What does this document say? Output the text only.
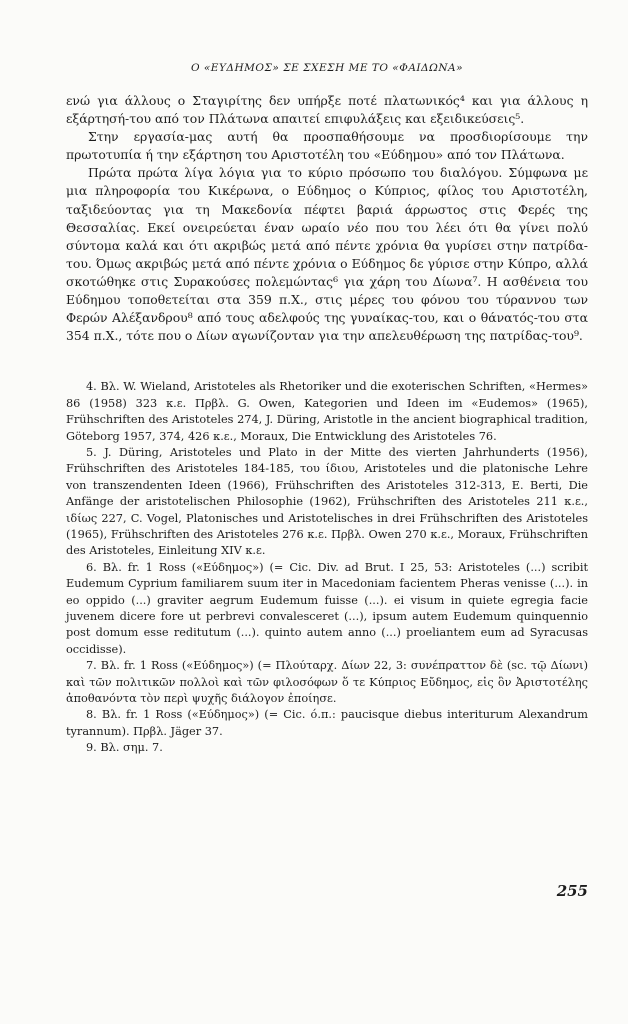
Ο «ΕΥΔΗΜΟΣ» ΣΕ ΣΧΕΣΗ ΜΕ ΤΟ «ΦΑΙΔΩΝΑ»

ενώ για άλλους ο Σταγιρίτης δεν υπήρξε ποτέ πλατωνικός⁴ και για άλλους η εξάρτησή-του από τον Πλάτωνα απαιτεί επιφυλάξεις και εξειδικεύσεις⁵.

Στην εργασία-μας αυτή θα προσπαθήσουμε να προσδιορίσουμε την πρωτοτυπία ή την εξάρτηση του Αριστοτέλη του «Εύδημου» από τον Πλάτωνα.

Πρώτα πρώτα λίγα λόγια για το κύριο πρόσωπο του διαλόγου. Σύμφωνα με μια πληροφορία του Κικέρωνα, ο Εύδημος ο Κύπριος, φίλος του Αριστοτέλη, ταξιδεύοντας για τη Μακεδονία πέφτει βαριά άρρωστος στις Φερές της Θεσσαλίας. Εκεί ονειρεύεται έναν ωραίο νέο που του λέει ότι θα γίνει πολύ σύντομα καλά και ότι ακριβώς μετά από πέντε χρόνια θα γυρίσει στην πατρίδα-του. Όμως ακριβώς μετά από πέντε χρόνια ο Εύδημος δε γύρισε στην Κύπρο, αλλά σκοτώθηκε στις Συρακούσες πολεμώντας⁶ για χάρη του Δίωνα⁷. Η ασθένεια του Εύδημου τοποθετείται στα 359 π.Χ., στις μέρες του φόνου του τύραννου των Φερών Αλέξανδρου⁸ από τους αδελφούς της γυναίκας-του, και ο θάνατός-του στα 354 π.Χ., τότε που ο Δίων αγωνίζονταν για την απελευθέρωση της πατρίδας-του⁹.

4. Βλ. W. Wieland, Aristoteles als Rhetoriker und die exoterischen Schriften, «Hermes» 86 (1958) 323 κ.ε. Πρβλ. G. Owen, Kategorien und Ideen im «Eudemos» (1965), Frühschriften des Aristoteles 274, J. Düring, Aristotle in the ancient biographical tradition, Göteborg 1957, 374, 426 κ.ε., Moraux, Die Entwicklung des Aristoteles 76.

5. J. Düring, Aristoteles und Plato in der Mitte des vierten Jahrhunderts (1956), Frühschriften des Aristoteles 184-185, του ίδιου, Aristoteles und die platonische Lehre von transzendenten Ideen (1966), Frühschriften des Aristoteles 312-313, E. Berti, Die Anfänge der aristotelischen Philosophie (1962), Frühschriften des Aristoteles 211 κ.ε., ιδίως 227, C. Vogel, Platonisches und Aristotelisches in drei Frühschriften des Aristoteles (1965), Frühschriften des Aristoteles 276 κ.ε. Πρβλ. Owen 270 κ.ε., Moraux, Frühschriften des Aristoteles, Einleitung XIV κ.ε.

6. Βλ. fr. 1 Ross («Εύδημος») (= Cic. Div. ad Brut. I 25, 53: Aristoteles (...) scribit Eudemum Cyprium familiarem suum iter in Macedoniam facientem Pheras venisse (...). in eo oppido (...) graviter aegrum Eudemum fuisse (...). ei visum in quiete egregia facie juvenem dicere fore ut perbrevi convalesceret (...), ipsum autem Eudemum quinquennio post domum esse reditutum (...). quinto autem anno (...) proeliantem eum ad Syracusas occidisse).

7. Βλ. fr. 1 Ross («Εύδημος») (= Πλούταρχ. Δίων 22, 3: συνέπραττον δὲ (sc. τῷ Δίωνι) καὶ τῶν πολιτικῶν πολλοὶ καὶ τῶν φιλοσόφων ὅ τε Κύπριος Εὔδημος, εἰς ὃν Ἀριστοτέλης ἀποθανόντα τὸν περὶ ψυχῆς διάλογον ἐποίησε.

8. Βλ. fr. 1 Ross («Εύδημος») (= Cic. ό.π.: paucisque diebus interiturum Alexandrum tyrannum). Πρβλ. Jäger 37.

9. Βλ. σημ. 7.

255
